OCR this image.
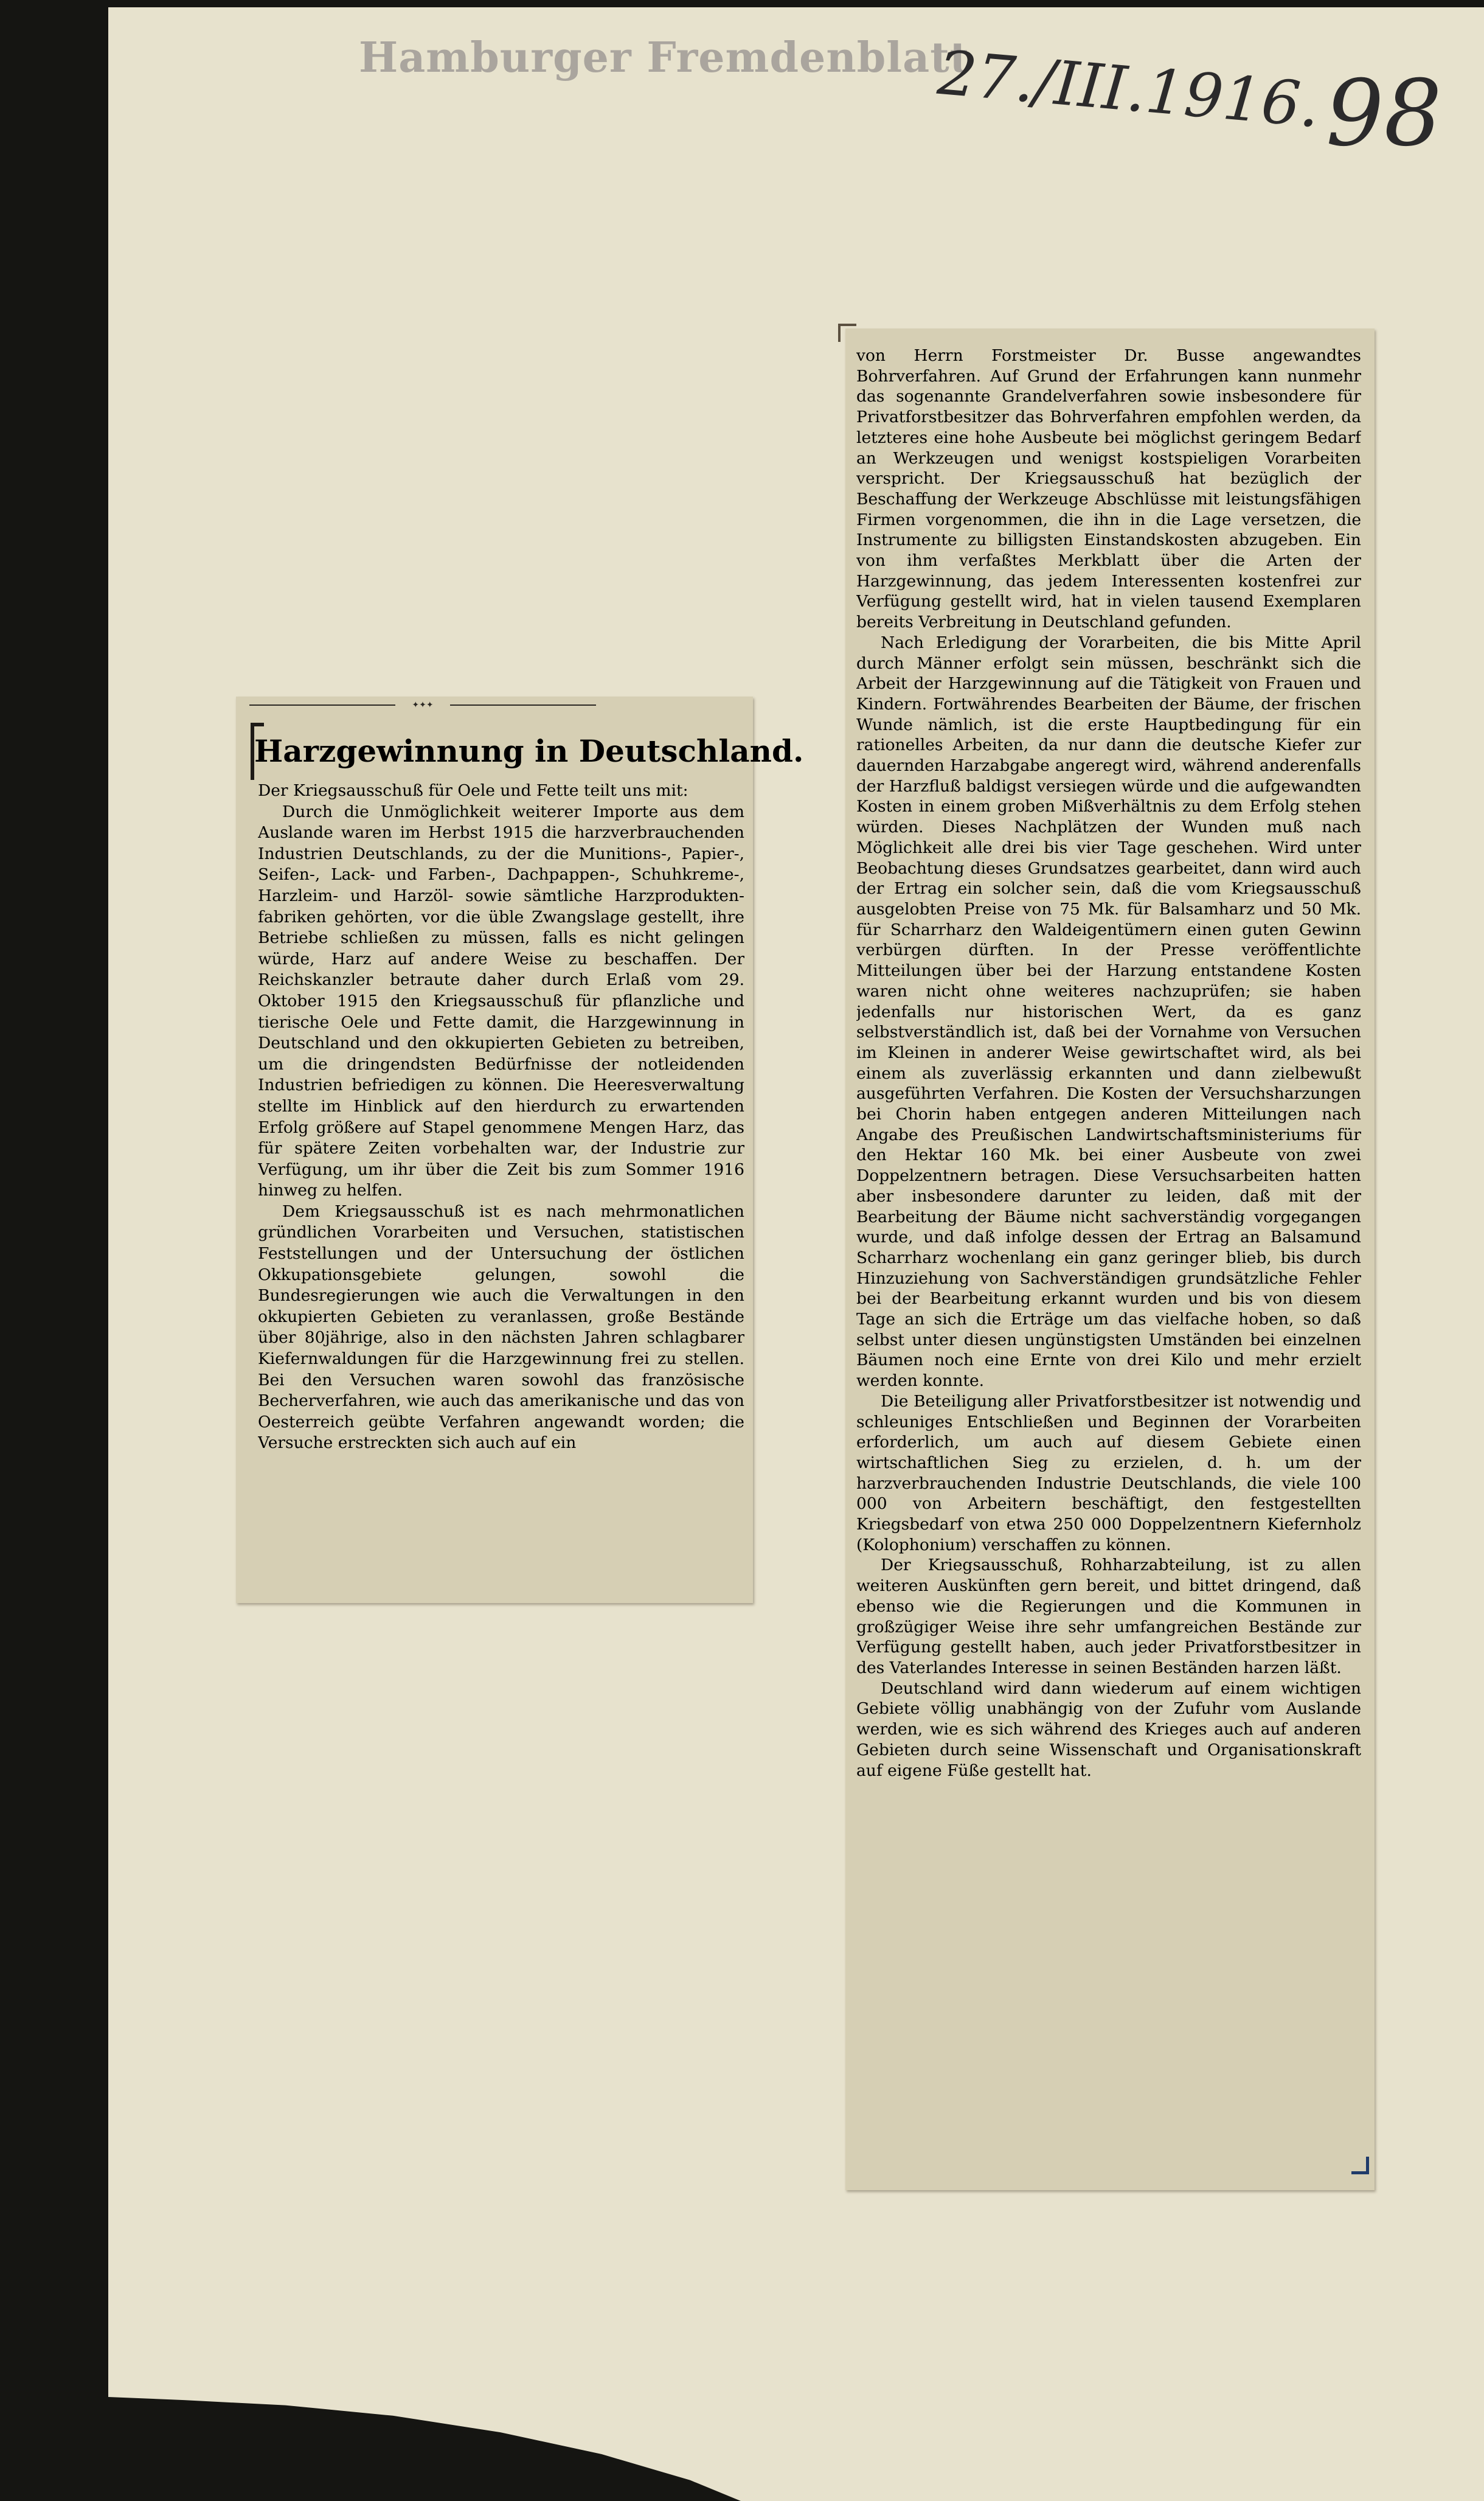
Hamburger Fremdenblatt
27./III.1916. 98
✦✦✦
Harzgewinnung in Deutschland.

Der Kriegsausschuß für Oele und Fette teilt uns mit:

Durch die Unmöglichkeit weiterer Importe aus dem Auslande waren im Herbst 1915 die harzverbrauchenden Industrien Deutschlands, zu der die Munitions-, Papier-, Seifen-, Lack- und Farben-, Dachpappen-, Schuhkreme-, Harzleim- und Harzöl- sowie sämtliche Harzprodukten-fabriken gehörten, vor die üble Zwangslage gestellt, ihre Betriebe schließen zu müssen, falls es nicht gelingen würde, Harz auf andere Weise zu beschaffen. Der Reichskanzler betraute daher durch Erlaß vom 29. Oktober 1915 den Kriegsausschuß für pflanzliche und tierische Oele und Fette damit, die Harzgewinnung in Deutschland und den okkupierten Gebieten zu betreiben, um die dringendsten Bedürfnisse der notleidenden Industrien befriedigen zu können. Die Heeresverwaltung stellte im Hinblick auf den hierdurch zu erwartenden Erfolg größere auf Stapel genommene Mengen Harz, das für spätere Zeiten vorbehalten war, der Industrie zur Verfügung, um ihr über die Zeit bis zum Sommer 1916 hinweg zu helfen.

Dem Kriegsausschuß ist es nach mehrmonatlichen gründlichen Vorarbeiten und Versuchen, statistischen Feststellungen und der Untersuchung der östlichen Okkupationsgebiete gelungen, sowohl die Bundesregierungen wie auch die Verwaltungen in den okkupierten Gebieten zu veranlassen, große Bestände über 80jährige, also in den nächsten Jahren schlagbarer Kiefernwaldungen für die Harzgewinnung frei zu stellen. Bei den Versuchen waren sowohl das französische Becherverfahren, wie auch das amerikanische und das von Oesterreich geübte Verfahren angewandt worden; die Versuche erstreckten sich auch auf ein

von Herrn Forstmeister Dr. Busse angewandtes Bohrverfahren. Auf Grund der Erfahrungen kann nunmehr das sogenannte Grandelverfahren sowie insbesondere für Privatforstbesitzer das Bohrverfahren empfohlen werden, da letzteres eine hohe Ausbeute bei möglichst geringem Bedarf an Werkzeugen und wenigst kostspieligen Vorarbeiten verspricht. Der Kriegsausschuß hat bezüglich der Beschaffung der Werkzeuge Abschlüsse mit leistungsfähigen Firmen vorgenommen, die ihn in die Lage versetzen, die Instrumente zu billigsten Einstandskosten abzugeben. Ein von ihm verfaßtes Merkblatt über die Arten der Harzgewinnung, das jedem Interessenten kostenfrei zur Verfügung gestellt wird, hat in vielen tausend Exemplaren bereits Verbreitung in Deutschland gefunden.

Nach Erledigung der Vorarbeiten, die bis Mitte April durch Männer erfolgt sein müssen, beschränkt sich die Arbeit der Harzgewinnung auf die Tätigkeit von Frauen und Kindern. Fortwährendes Bearbeiten der Bäume, der frischen Wunde nämlich, ist die erste Hauptbedingung für ein rationelles Arbeiten, da nur dann die deutsche Kiefer zur dauernden Harzabgabe angeregt wird, während anderenfalls der Harzfluß baldigst versiegen würde und die aufgewandten Kosten in einem groben Mißverhältnis zu dem Erfolg stehen würden. Dieses Nachplätzen der Wunden muß nach Möglichkeit alle drei bis vier Tage geschehen. Wird unter Beobachtung dieses Grundsatzes gearbeitet, dann wird auch der Ertrag ein solcher sein, daß die vom Kriegsausschuß ausgelobten Preise von 75 Mk. für Balsamharz und 50 Mk. für Scharrharz den Waldeigentümern einen guten Gewinn verbürgen dürften. In der Presse veröffentlichte Mitteilungen über bei der Harzung entstandene Kosten waren nicht ohne weiteres nachzuprüfen; sie haben jedenfalls nur historischen Wert, da es ganz selbstverständlich ist, daß bei der Vornahme von Versuchen im Kleinen in anderer Weise gewirtschaftet wird, als bei einem als zuverlässig erkannten und dann zielbewußt ausgeführten Verfahren. Die Kosten der Versuchsharzungen bei Chorin haben entgegen anderen Mitteilungen nach Angabe des Preußischen Landwirtschaftsministeriums für den Hektar 160 Mk. bei einer Ausbeute von zwei Doppelzentnern betragen. Diese Versuchsarbeiten hatten aber insbesondere darunter zu leiden, daß mit der Bearbeitung der Bäume nicht sachverständig vorgegangen wurde, und daß infolge dessen der Ertrag an Balsamund Scharrharz wochenlang ein ganz geringer blieb, bis durch Hinzuziehung von Sachverständigen grundsätzliche Fehler bei der Bearbeitung erkannt wurden und bis von diesem Tage an sich die Erträge um das vielfache hoben, so daß selbst unter diesen ungünstigsten Umständen bei einzelnen Bäumen noch eine Ernte von drei Kilo und mehr erzielt werden konnte.

Die Beteiligung aller Privatforstbesitzer ist notwendig und schleuniges Entschließen und Beginnen der Vorarbeiten erforderlich, um auch auf diesem Gebiete einen wirtschaftlichen Sieg zu erzielen, d. h. um der harzverbrauchenden Industrie Deutschlands, die viele 100 000 von Arbeitern beschäftigt, den festgestellten Kriegsbedarf von etwa 250 000 Doppelzentnern Kiefernholz (Kolophonium) verschaffen zu können.

Der Kriegsausschuß, Rohharzabteilung, ist zu allen weiteren Auskünften gern bereit, und bittet dringend, daß ebenso wie die Regierungen und die Kommunen in großzügiger Weise ihre sehr umfangreichen Bestände zur Verfügung gestellt haben, auch jeder Privatforstbesitzer in des Vaterlandes Interesse in seinen Beständen harzen läßt.

Deutschland wird dann wiederum auf einem wichtigen Gebiete völlig unabhängig von der Zufuhr vom Auslande werden, wie es sich während des Krieges auch auf anderen Gebieten durch seine Wissenschaft und Organisationskraft auf eigene Füße gestellt hat.
